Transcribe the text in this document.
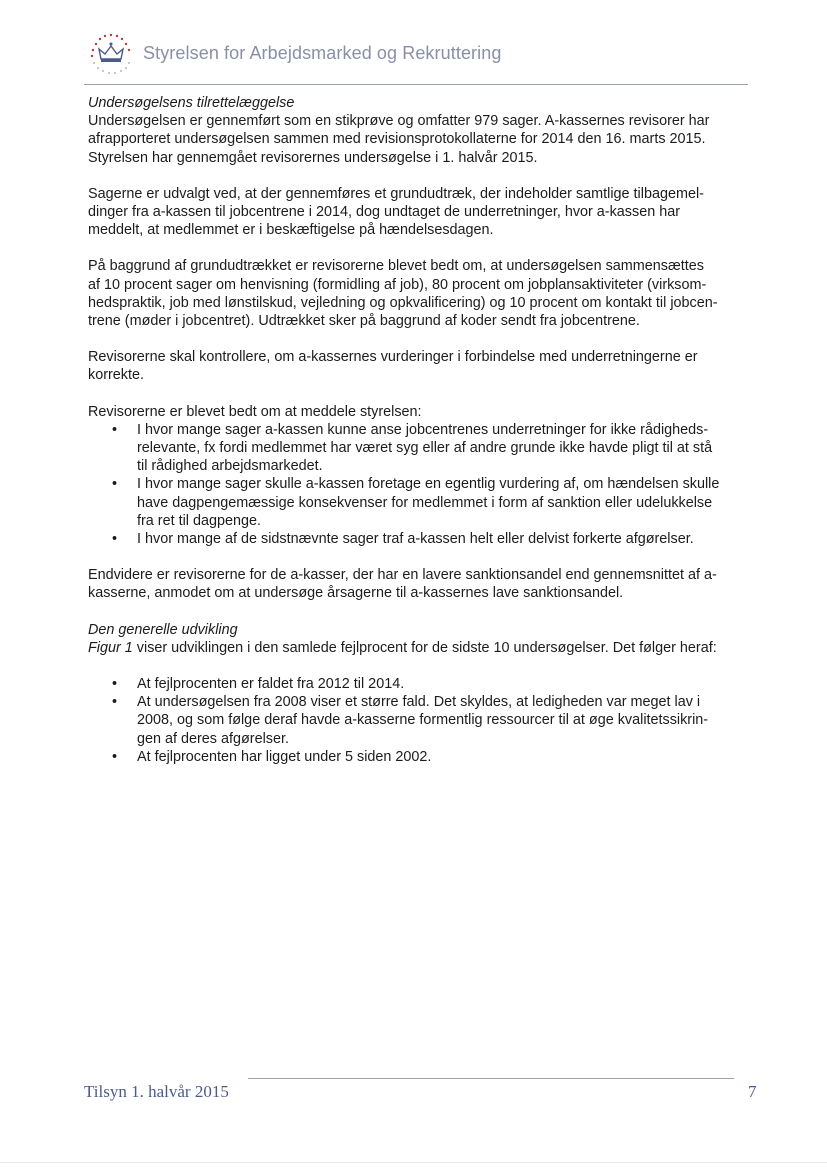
Styrelsen for Arbejdsmarked og Rekruttering

Undersøgelsens tilrettelæggelse

Undersøgelsen er gennemført som en stikprøve og omfatter 979 sager. A-kassernes revisorer har
afrapporteret undersøgelsen sammen med revisionsprotokollaterne for 2014 den 16. marts 2015.
Styrelsen har gennemgået revisorernes undersøgelse i 1. halvår 2015.

Sagerne er udvalgt ved, at der gennemføres et grundudtræk, der indeholder samtlige tilbagemel-
dinger fra a-kassen til jobcentrene i 2014, dog undtaget de underretninger, hvor a-kassen har
meddelt, at medlemmet er i beskæftigelse på hændelsesdagen.

På baggrund af grundudtrækket er revisorerne blevet bedt om, at undersøgelsen sammensættes
af 10 procent sager om henvisning (formidling af job), 80 procent om jobplansaktiviteter (virksom-
hedspraktik, job med lønstilskud, vejledning og opkvalificering) og 10 procent om kontakt til jobcen-
trene (møder i jobcentret). Udtrækket sker på baggrund af koder sendt fra jobcentrene.

Revisorerne skal kontrollere, om a-kassernes vurderinger i forbindelse med underretningerne er
korrekte.

Revisorerne er blevet bedt om at meddele styrelsen:

• I hvor mange sager a-kassen kunne anse jobcentrenes underretninger for ikke rådigheds-
relevante, fx fordi medlemmet har været syg eller af andre grunde ikke havde pligt til at stå
til rådighed arbejdsmarkedet.
• I hvor mange sager skulle a-kassen foretage en egentlig vurdering af, om hændelsen skulle
have dagpengemæssige konsekvenser for medlemmet i form af sanktion eller udelukkelse
fra ret til dagpenge.
• I hvor mange af de sidstnævnte sager traf a-kassen helt eller delvist forkerte afgørelser.

Endvidere er revisorerne for de a-kasser, der har en lavere sanktionsandel end gennemsnittet af a-
kasserne, anmodet om at undersøge årsagerne til a-kassernes lave sanktionsandel.

Den generelle udvikling

Figur 1 viser udviklingen i den samlede fejlprocent for de sidste 10 undersøgelser. Det følger heraf:

• At fejlprocenten er faldet fra 2012 til 2014.
• At undersøgelsen fra 2008 viser et større fald. Det skyldes, at ledigheden var meget lav i
2008, og som følge deraf havde a-kasserne formentlig ressourcer til at øge kvalitetssikrin-
gen af deres afgørelser.
• At fejlprocenten har ligget under 5 siden 2002.
Tilsyn 1. halvår 2015	7
